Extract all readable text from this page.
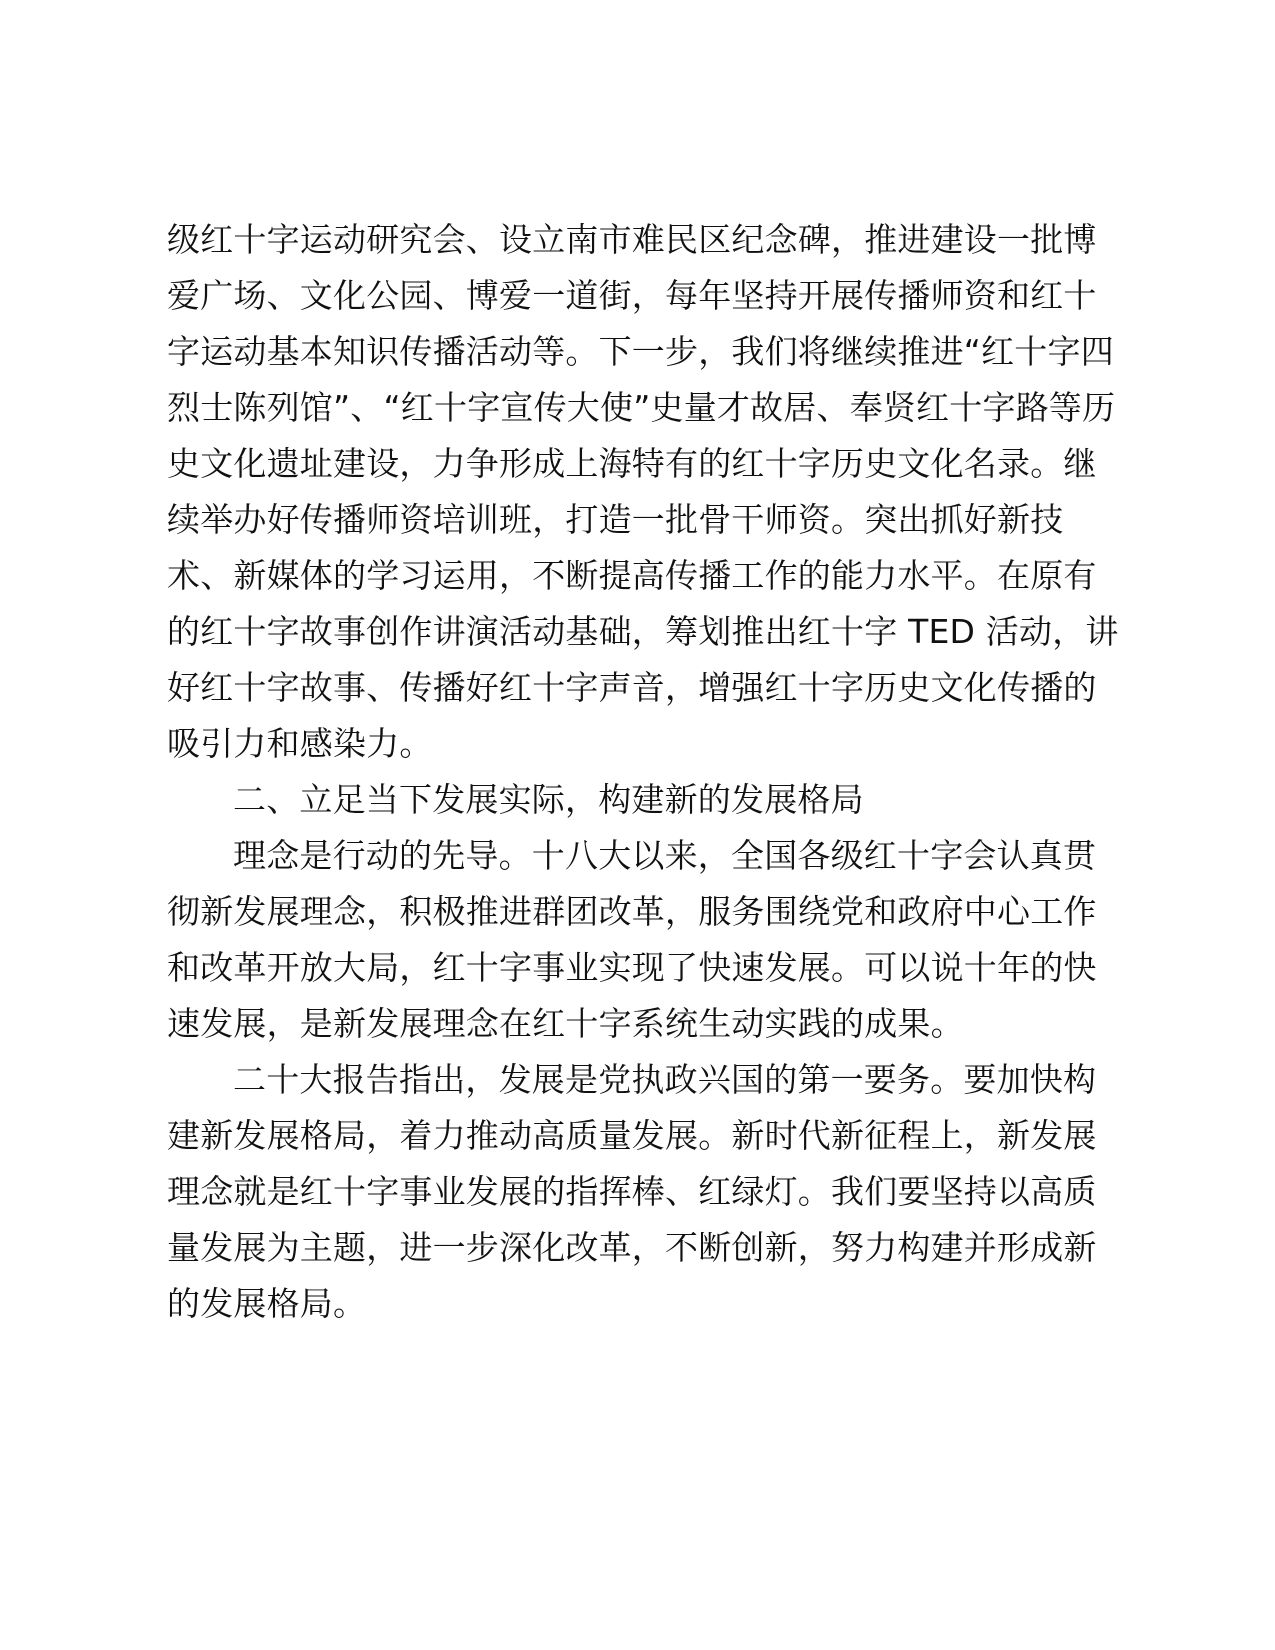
级红十字运动研究会、设立南市难民区纪念碑，推进建设一批博
爱广场、文化公园、博爱一道街，每年坚持开展传播师资和红十
字运动基本知识传播活动等。下一步，我们将继续推进“红十字四
烈士陈列馆”、“红十字宣传大使”史量才故居、奉贤红十字路等历
史文化遗址建设，力争形成上海特有的红十字历史文化名录。继
续举办好传播师资培训班，打造一批骨干师资。突出抓好新技
术、新媒体的学习运用，不断提高传播工作的能力水平。在原有
的红十字故事创作讲演活动基础，筹划推出红十字 TED 活动，讲
好红十字故事、传播好红十字声音，增强红十字历史文化传播的
吸引力和感染力。
二、立足当下发展实际，构建新的发展格局
理念是行动的先导。十八大以来，全国各级红十字会认真贯
彻新发展理念，积极推进群团改革，服务围绕党和政府中心工作
和改革开放大局，红十字事业实现了快速发展。可以说十年的快
速发展，是新发展理念在红十字系统生动实践的成果。
二十大报告指出，发展是党执政兴国的第一要务。要加快构
建新发展格局，着力推动高质量发展。新时代新征程上，新发展
理念就是红十字事业发展的指挥棒、红绿灯。我们要坚持以高质
量发展为主题，进一步深化改革，不断创新，努力构建并形成新
的发展格局。
